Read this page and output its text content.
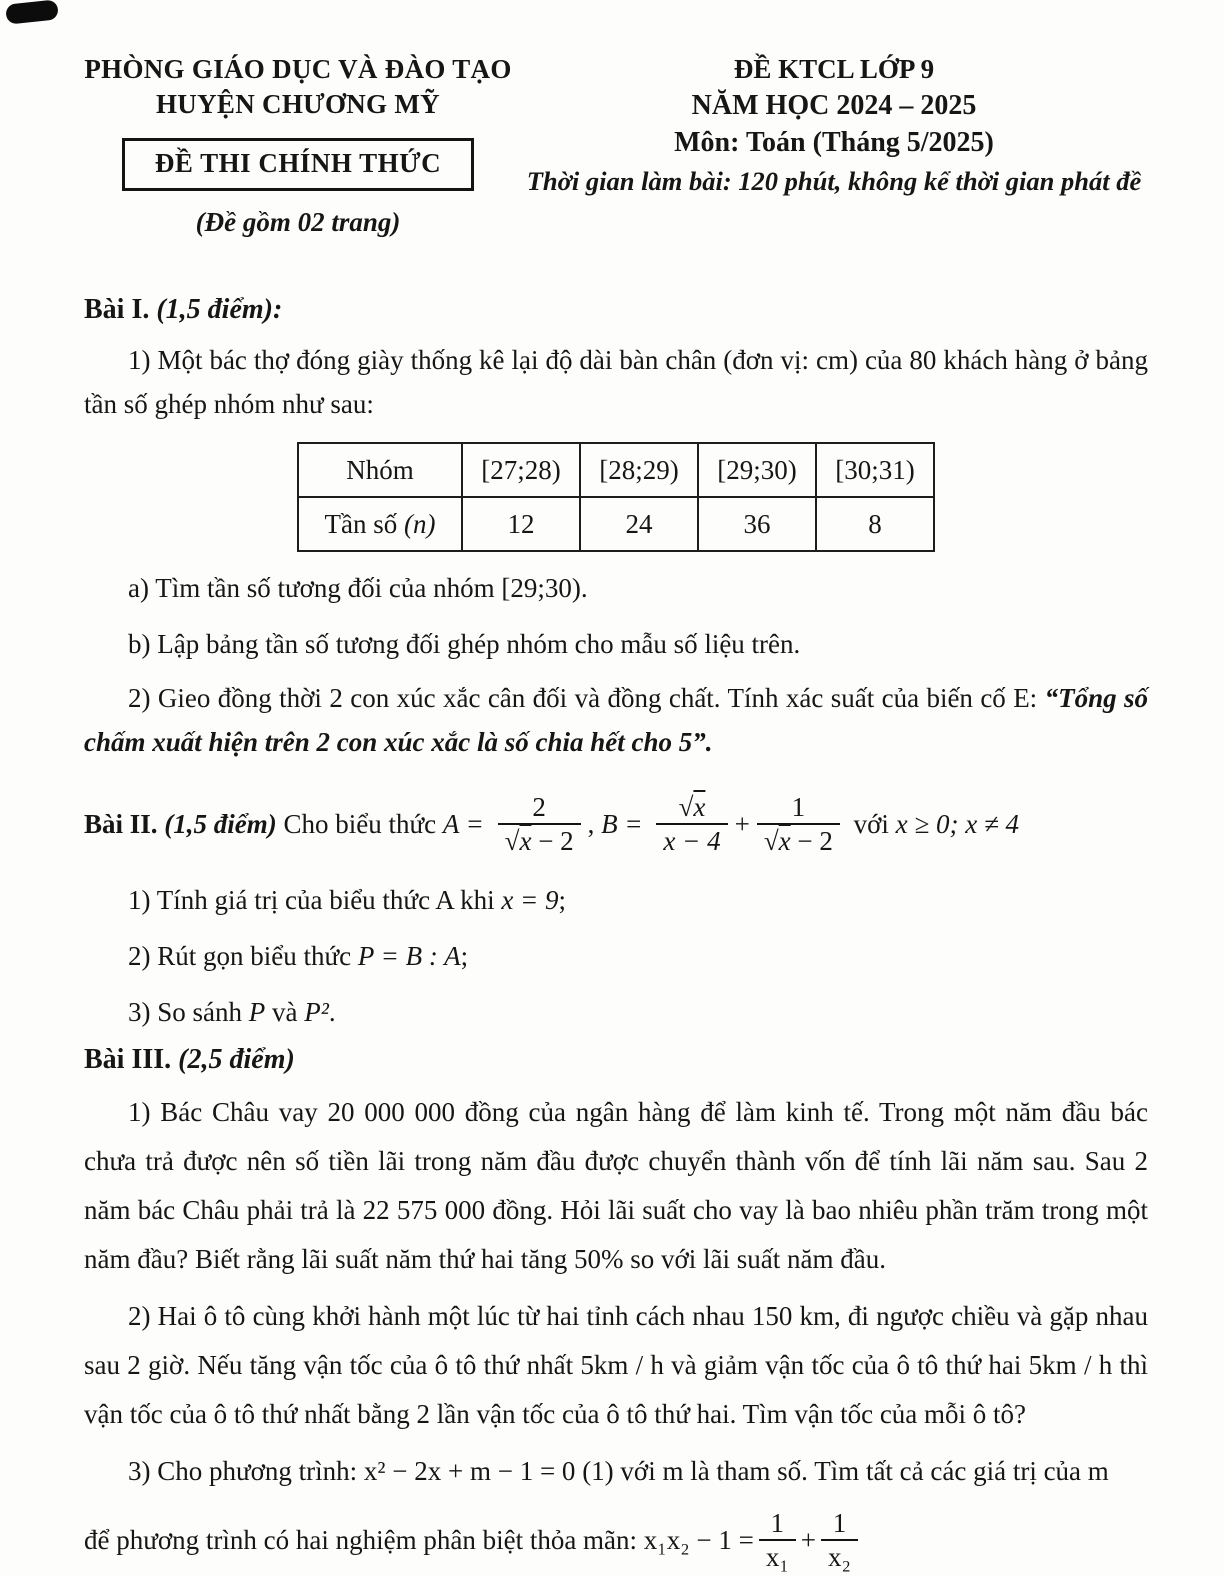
PHÒNG GIÁO DỤC VÀ ĐÀO TẠO
HUYỆN CHƯƠNG MỸ
ĐỀ THI CHÍNH THỨC
(Đề gồm 02 trang)
ĐỀ KTCL LỚP 9
NĂM HỌC 2024 – 2025
Môn: Toán (Tháng 5/2025)
Thời gian làm bài: 120 phút, không kể thời gian phát đề

Bài I. (1,5 điểm):

1) Một bác thợ đóng giày thống kê lại độ dài bàn chân (đơn vị: cm) của 80 khách hàng ở bảng tần số ghép nhóm như sau:

Nhóm	[27;28)	[28;29)	[29;30)	[30;31)
Tần số (n)	12	24	36	8

a) Tìm tần số tương đối của nhóm [29;30).

b) Lập bảng tần số tương đối ghép nhóm cho mẫu số liệu trên.

2) Gieo đồng thời 2 con xúc xắc cân đối và đồng chất. Tính xác suất của biến cố E: “Tổng số chấm xuất hiện trên 2 con xúc xắc là số chia hết cho 5”.

Bài II. (1,5 điểm) Cho biểu thức $A = \frac{2}{√x - 2}$ , $B = \frac{√x}{x - 4} + \frac{1}{√x - 2}$ với x ≥ 0; x ≠ 4

1) Tính giá trị của biểu thức A khi x = 9;

2) Rút gọn biểu thức P = B : A;

3) So sánh P và P².

Bài III. (2,5 điểm)

1) Bác Châu vay 20 000 000 đồng của ngân hàng để làm kinh tế. Trong một năm đầu bác chưa trả được nên số tiền lãi trong năm đầu được chuyển thành vốn để tính lãi năm sau. Sau 2 năm bác Châu phải trả là 22 575 000 đồng. Hỏi lãi suất cho vay là bao nhiêu phần trăm trong một năm đầu? Biết rằng lãi suất năm thứ hai tăng 50% so với lãi suất năm đầu.

2) Hai ô tô cùng khởi hành một lúc từ hai tỉnh cách nhau 150 km, đi ngược chiều và gặp nhau sau 2 giờ. Nếu tăng vận tốc của ô tô thứ nhất 5km / h và giảm vận tốc của ô tô thứ hai 5km / h thì vận tốc của ô tô thứ nhất bằng 2 lần vận tốc của ô tô thứ hai. Tìm vận tốc của mỗi ô tô?

3) Cho phương trình: x² − 2x + m − 1 = 0 (1) với m là tham số. Tìm tất cả các giá trị của m

để phương trình có hai nghiệm phân biệt thỏa mãn: $x_1x_2 - 1 = \frac{1}{\text{x₁}} + \frac{1}{\text{x₂}}$
